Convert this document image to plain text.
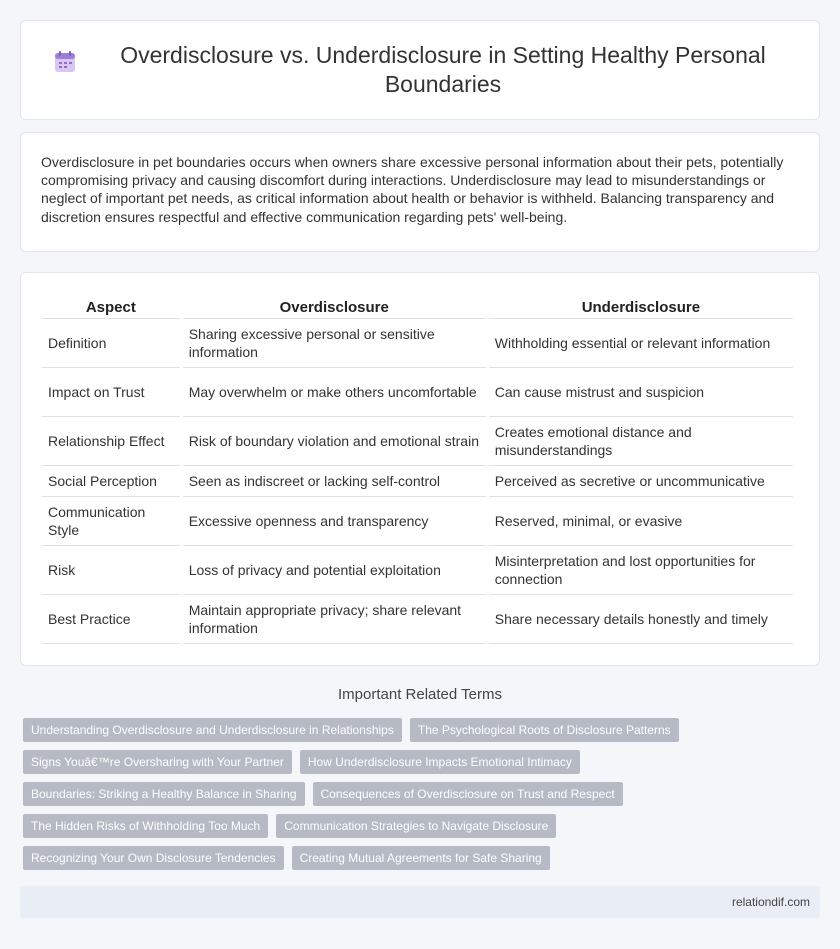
Overdisclosure vs. Underdisclosure in Setting Healthy Personal Boundaries

Overdisclosure in pet boundaries occurs when owners share excessive personal information about their pets, potentially compromising privacy and causing discomfort during interactions. Underdisclosure may lead to misunderstandings or neglect of important pet needs, as critical information about health or behavior is withheld. Balancing transparency and discretion ensures respectful and effective communication regarding pets' well-being.

Aspect	Overdisclosure	Underdisclosure
Definition	Sharing excessive personal or sensitive information	Withholding essential or relevant information
Impact on Trust	May overwhelm or make others uncomfortable	Can cause mistrust and suspicion
Relationship Effect	Risk of boundary violation and emotional strain	Creates emotional distance and misunderstandings
Social Perception	Seen as indiscreet or lacking self-control	Perceived as secretive or uncommunicative
Communication Style	Excessive openness and transparency	Reserved, minimal, or evasive
Risk	Loss of privacy and potential exploitation	Misinterpretation and lost opportunities for connection
Best Practice	Maintain appropriate privacy; share relevant information	Share necessary details honestly and timely
Important Related Terms
Understanding Overdisclosure and Underdisclosure in Relationships	The Psychological Roots of Disclosure Patterns
Signs Youâ€™re Oversharing with Your Partner	How Underdisclosure Impacts Emotional Intimacy
Boundaries: Striking a Healthy Balance in Sharing	Consequences of Overdisclosure on Trust and Respect
The Hidden Risks of Withholding Too Much	Communication Strategies to Navigate Disclosure
Recognizing Your Own Disclosure Tendencies	Creating Mutual Agreements for Safe Sharing
relationdif.com
